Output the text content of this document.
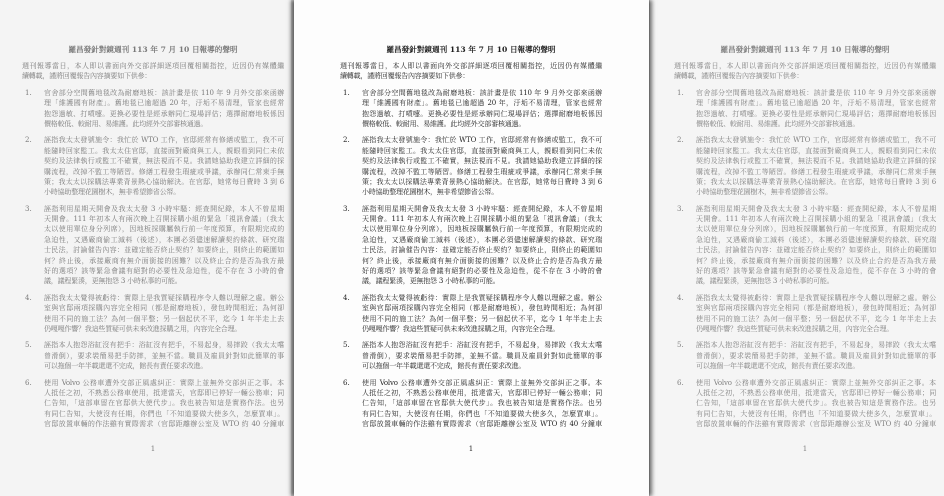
羅昌發針對鏡週刊 113 年 7 月 10 日報導的聲明
週刊報導當日，本人即以書面向外交部詳細逐項回覆相關指控，近因仍有媒體繼
續轉載，謹將回覆報告內容摘要如下供參：
1. 官舍部分空間舊地毯改為耐磨地板：該計畫是依 110 年 9 月外交部來函辦
理「維護國有財產」。舊地毯已逾超過 20 年，汙垢不易清理，管家也經常
抱怨過敏、打噴嚏。更換必要性是經承辦同仁現場評估；選擇耐磨地板係因
價格較低、較耐用、易維護。此均經外交部審核通過。
2. 誣指我太太發號施令：我忙於 WTO 工作，官邸經常有修繕或監工，我不可
能隨時回家監工。我太太住官邸，直接面對廠商與工人，親眼看到同仁未依
契約及法律執行或監工不確實，無法視而不見。我請她協助我建立詳細的採
購流程，改掉不監工等陋習。修繕工程發生瑕疵或爭議，承辦同仁常束手無
策；我太太以採購法專業背景熱心協助解決。在官邸，她常每日費時 3 到 6
小時協助整理花園樹木，無非希望節省公帑。
3. 誣指利用星期天開會及我太太發 3 小時牢騷：經查開紀錄，本人不曾星期
天開會。111 年初本人有兩次晚上召開採購小組的緊急「視訊會議」（我太
太以使用單位身分列席），因地板採購屬執行前一年度預算，有限期完成的
急迫性，又遇廠商偷工減料（後述），本團必須儘速解讀契約條款、研究瑞
士民法，討論催告內容：並確定能否終止契約？如要終止，則終止的範圍如
何？終止後，承接廠商有無介面銜接的困難？以及終止合約是否為我方最
好的選項？該等緊急會議有絕對的必要性及急迫性，從不存在 3 小時的會
議，議程緊湊，更無抱怨 3 小時私事的可能。
4. 誣指我太太覺得被虧待：實際上是我質疑採購程序令人難以理解之處。辦公
室與官邸兩項採購內容完全相同（都是耐磨地板），發包時間相近；為何卻
使用不同的施工法？為何一個平整；另一個起伏不平，迄今 1 年半走上去
仍嘎嘎作響？我這些質疑可供未來改進採購之用，內容完全合理。
5. 誣指本人抱怨浴缸沒有把手：浴缸沒有把手，不易起身，易摔跤（我太太嚐
曾滑倒），要求裝簡易把手防摔，並無不當。職員及雇員針對如此簡單的事
可以拖個一年半載還還不完成，館長有責任要求改進。
6. 使用 Volvo 公務車遭外交部正風處糾正：實際上並無外交部糾正之事。本
人抵任之初，不熟悉公務車使用，抵達當天，官邸即已停好一輛公務車；同
仁告知，「這部車留在官邸供大使代步」。我也被告知這是實務作法。也另
有同仁告知，大使沒有任期，你們也「不知道要做大使多久，怎麼買車」。
官邸放置車輛的作法雖有實際需求（官邸距離辦公室及 WTO 約 40 分鐘車
1
羅昌發針對鏡週刊 113 年 7 月 10 日報導的聲明
週刊報導當日，本人即以書面向外交部詳細逐項回覆相關指控，近因仍有媒體繼
續轉載，謹將回覆報告內容摘要如下供參：
1. 官舍部分空間舊地毯改為耐磨地板：該計畫是依 110 年 9 月外交部來函辦
理「維護國有財產」。舊地毯已逾超過 20 年，汙垢不易清理，管家也經常
抱怨過敏、打噴嚏。更換必要性是經承辦同仁現場評估；選擇耐磨地板係因
價格較低、較耐用、易維護。此均經外交部審核通過。
2. 誣指我太太發號施令：我忙於 WTO 工作，官邸經常有修繕或監工，我不可
能隨時回家監工。我太太住官邸，直接面對廠商與工人，親眼看到同仁未依
契約及法律執行或監工不確實，無法視而不見。我請她協助我建立詳細的採
購流程，改掉不監工等陋習。修繕工程發生瑕疵或爭議，承辦同仁常束手無
策；我太太以採購法專業背景熱心協助解決。在官邸，她常每日費時 3 到 6
小時協助整理花園樹木，無非希望節省公帑。
3. 誣指利用星期天開會及我太太發 3 小時牢騷：經查開紀錄，本人不曾星期
天開會。111 年初本人有兩次晚上召開採購小組的緊急「視訊會議」（我太
太以使用單位身分列席），因地板採購屬執行前一年度預算，有限期完成的
急迫性，又遇廠商偷工減料（後述），本團必須儘速解讀契約條款、研究瑞
士民法，討論催告內容：並確定能否終止契約？如要終止，則終止的範圍如
何？終止後，承接廠商有無介面銜接的困難？以及終止合約是否為我方最
好的選項？該等緊急會議有絕對的必要性及急迫性，從不存在 3 小時的會
議，議程緊湊，更無抱怨 3 小時私事的可能。
4. 誣指我太太覺得被虧待：實際上是我質疑採購程序令人難以理解之處。辦公
室與官邸兩項採購內容完全相同（都是耐磨地板），發包時間相近；為何卻
使用不同的施工法？為何一個平整；另一個起伏不平，迄今 1 年半走上去
仍嘎嘎作響？我這些質疑可供未來改進採購之用，內容完全合理。
5. 誣指本人抱怨浴缸沒有把手：浴缸沒有把手，不易起身，易摔跤（我太太嚐
曾滑倒），要求裝簡易把手防摔，並無不當。職員及雇員針對如此簡單的事
可以拖個一年半載還還不完成，館長有責任要求改進。
6. 使用 Volvo 公務車遭外交部正風處糾正：實際上並無外交部糾正之事。本
人抵任之初，不熟悉公務車使用，抵達當天，官邸即已停好一輛公務車；同
仁告知，「這部車留在官邸供大使代步」。我也被告知這是實務作法。也另
有同仁告知，大使沒有任期，你們也「不知道要做大使多久，怎麼買車」。
官邸放置車輛的作法雖有實際需求（官邸距離辦公室及 WTO 約 40 分鐘車
1
羅昌發針對鏡週刊 113 年 7 月 10 日報導的聲明
週刊報導當日，本人即以書面向外交部詳細逐項回覆相關指控，近因仍有媒體繼
續轉載，謹將回覆報告內容摘要如下供參：
1. 官舍部分空間舊地毯改為耐磨地板：該計畫是依 110 年 9 月外交部來函辦
理「維護國有財產」。舊地毯已逾超過 20 年，汙垢不易清理，管家也經常
抱怨過敏、打噴嚏。更換必要性是經承辦同仁現場評估；選擇耐磨地板係因
價格較低、較耐用、易維護。此均經外交部審核通過。
2. 誣指我太太發號施令：我忙於 WTO 工作，官邸經常有修繕或監工，我不可
能隨時回家監工。我太太住官邸，直接面對廠商與工人，親眼看到同仁未依
契約及法律執行或監工不確實，無法視而不見。我請她協助我建立詳細的採
購流程，改掉不監工等陋習。修繕工程發生瑕疵或爭議，承辦同仁常束手無
策；我太太以採購法專業背景熱心協助解決。在官邸，她常每日費時 3 到 6
小時協助整理花園樹木，無非希望節省公帑。
3. 誣指利用星期天開會及我太太發 3 小時牢騷：經查開紀錄，本人不曾星期
天開會。111 年初本人有兩次晚上召開採購小組的緊急「視訊會議」（我太
太以使用單位身分列席），因地板採購屬執行前一年度預算，有限期完成的
急迫性，又遇廠商偷工減料（後述），本團必須儘速解讀契約條款、研究瑞
士民法，討論催告內容：並確定能否終止契約？如要終止，則終止的範圍如
何？終止後，承接廠商有無介面銜接的困難？以及終止合約是否為我方最
好的選項？該等緊急會議有絕對的必要性及急迫性，從不存在 3 小時的會
議，議程緊湊，更無抱怨 3 小時私事的可能。
4. 誣指我太太覺得被虧待：實際上是我質疑採購程序令人難以理解之處。辦公
室與官邸兩項採購內容完全相同（都是耐磨地板），發包時間相近；為何卻
使用不同的施工法？為何一個平整；另一個起伏不平，迄今 1 年半走上去
仍嘎嘎作響？我這些質疑可供未來改進採購之用，內容完全合理。
5. 誣指本人抱怨浴缸沒有把手：浴缸沒有把手，不易起身，易摔跤（我太太嚐
曾滑倒），要求裝簡易把手防摔，並無不當。職員及雇員針對如此簡單的事
可以拖個一年半載還還不完成，館長有責任要求改進。
6. 使用 Volvo 公務車遭外交部正風處糾正：實際上並無外交部糾正之事。本
人抵任之初，不熟悉公務車使用，抵達當天，官邸即已停好一輛公務車；同
仁告知，「這部車留在官邸供大使代步」。我也被告知這是實務作法。也另
有同仁告知，大使沒有任期，你們也「不知道要做大使多久，怎麼買車」。
官邸放置車輛的作法雖有實際需求（官邸距離辦公室及 WTO 約 40 分鐘車
1
